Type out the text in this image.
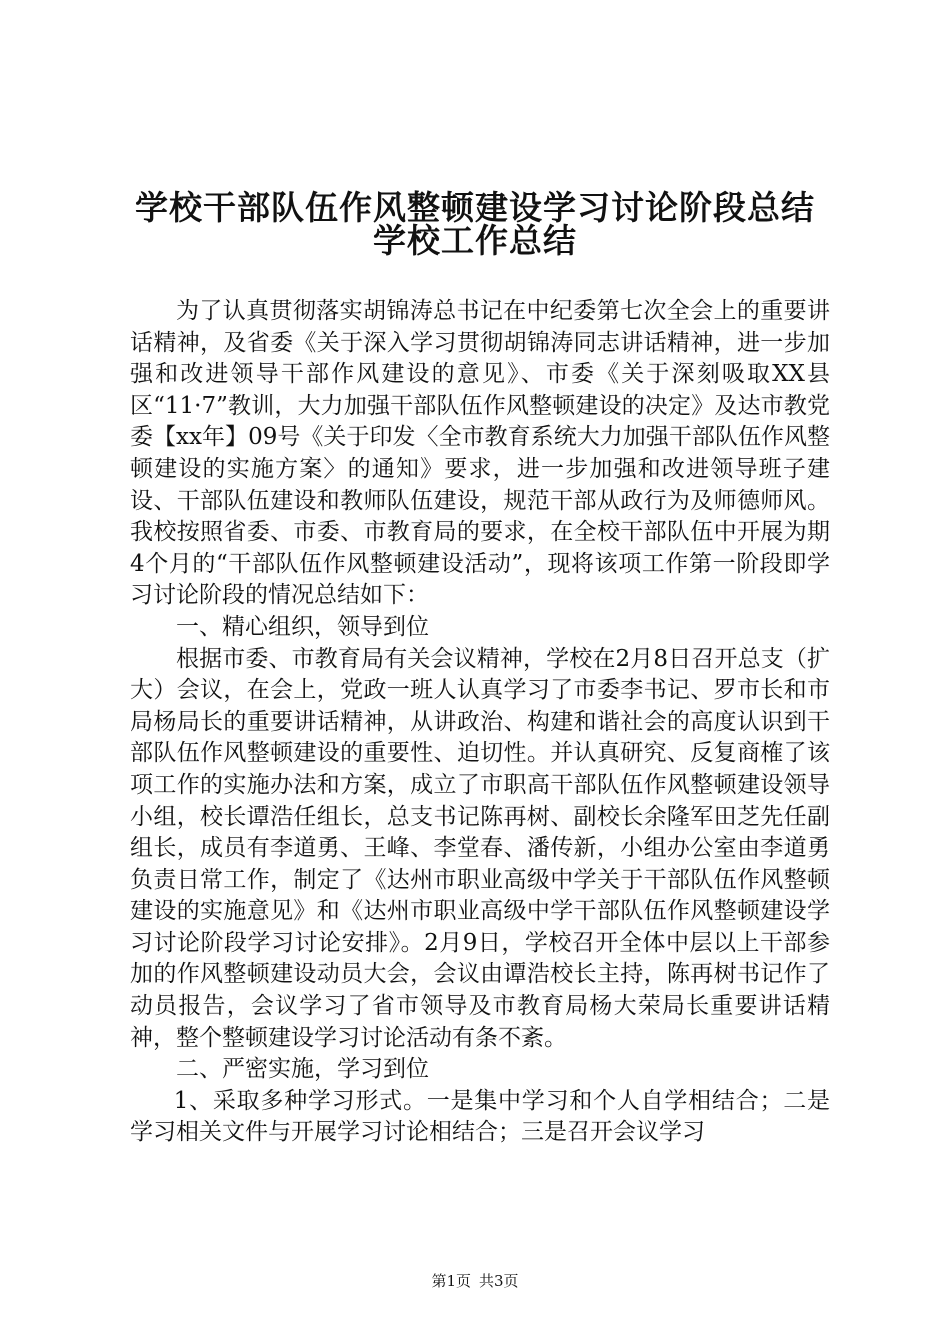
学校干部队伍作风整顿建设学习讨论阶段总结
学校工作总结

为了认真贯彻落实胡锦涛总书记在中纪委第七次全会上的重要讲话精神，及省委《关于深入学习贯彻胡锦涛同志讲话精神，进一步加强和改进领导干部作风建设的意见》、市委《关于深刻吸取XX县区“11·7”教训，大力加强干部队伍作风整顿建设的决定》及达市教党委【xx年】09号《关于印发〈全市教育系统大力加强干部队伍作风整顿建设的实施方案〉的通知》要求，进一步加强和改进领导班子建设、干部队伍建设和教师队伍建设，规范干部从政行为及师德师风。我校按照省委、市委、市教育局的要求，在全校干部队伍中开展为期4个月的“干部队伍作风整顿建设活动”，现将该项工作第一阶段即学习讨论阶段的情况总结如下：

一、精心组织，领导到位

根据市委、市教育局有关会议精神，学校在2月8日召开总支（扩大）会议，在会上，党政一班人认真学习了市委李书记、罗市长和市局杨局长的重要讲话精神，从讲政治、构建和谐社会的高度认识到干部队伍作风整顿建设的重要性、迫切性。并认真研究、反复商榷了该项工作的实施办法和方案，成立了市职高干部队伍作风整顿建设领导小组，校长谭浩任组长，总支书记陈再树、副校长余隆军田芝先任副组长，成员有李道勇、王峰、李堂春、潘传新，小组办公室由李道勇负责日常工作，制定了《达州市职业高级中学关于干部队伍作风整顿建设的实施意见》和《达州市职业高级中学干部队伍作风整顿建设学习讨论阶段学习讨论安排》。2月9日，学校召开全体中层以上干部参加的作风整顿建设动员大会，会议由谭浩校长主持，陈再树书记作了动员报告，会议学习了省市领导及市教育局杨大荣局长重要讲话精神，整个整顿建设学习讨论活动有条不紊。

二、严密实施，学习到位

1、采取多种学习形式。一是集中学习和个人自学相结合；二是学习相关文件与开展学习讨论相结合；三是召开会议学习

第1页 共3页
